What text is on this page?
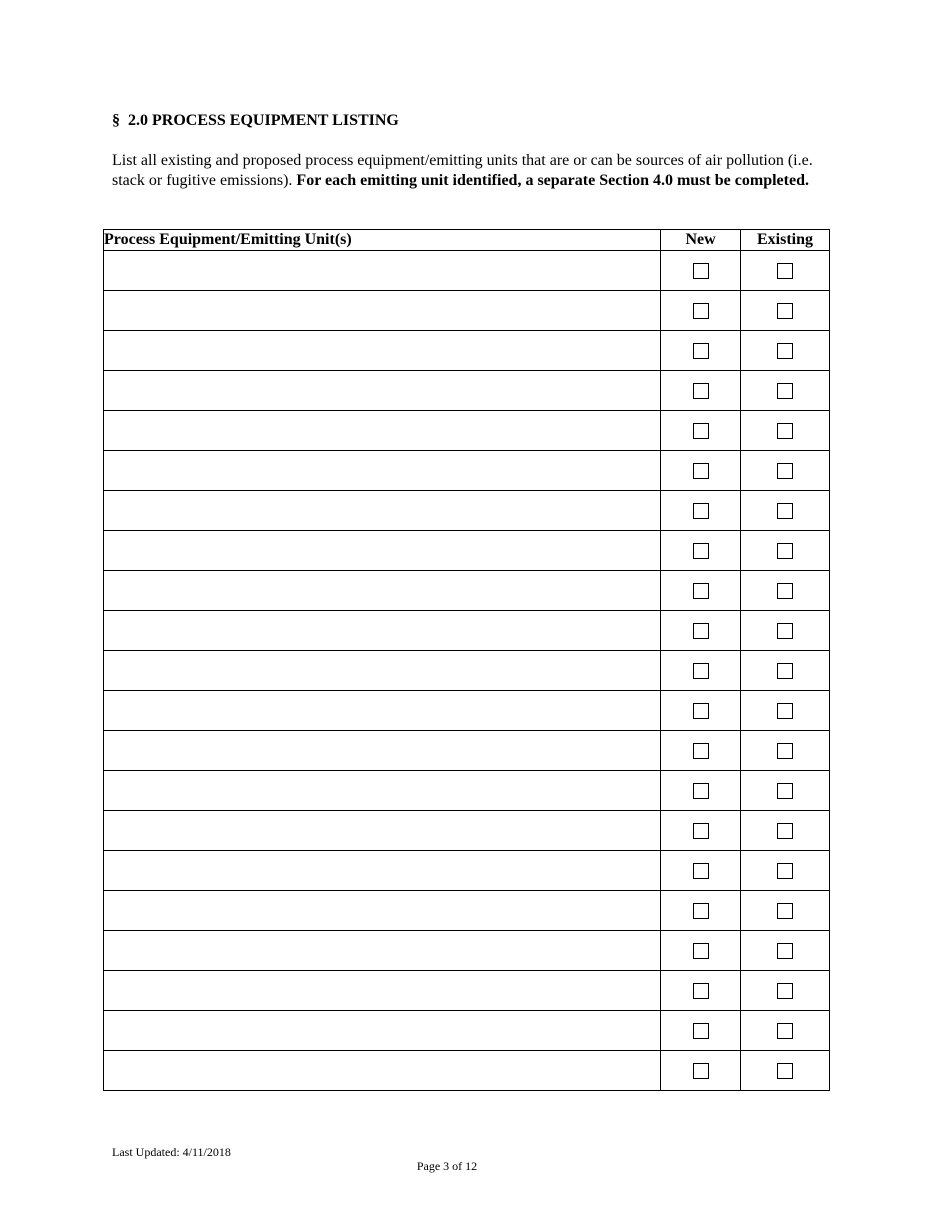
§  2.0 PROCESS EQUIPMENT LISTING

List all existing and proposed process equipment/emitting units that are or can be sources of air pollution (i.e. stack or fugitive emissions). For each emitting unit identified, a separate Section 4.0 must be completed.

Process Equipment/Emitting Unit(s)	New	Existing

Last Updated: 4/11/2018

Page 3 of 12
